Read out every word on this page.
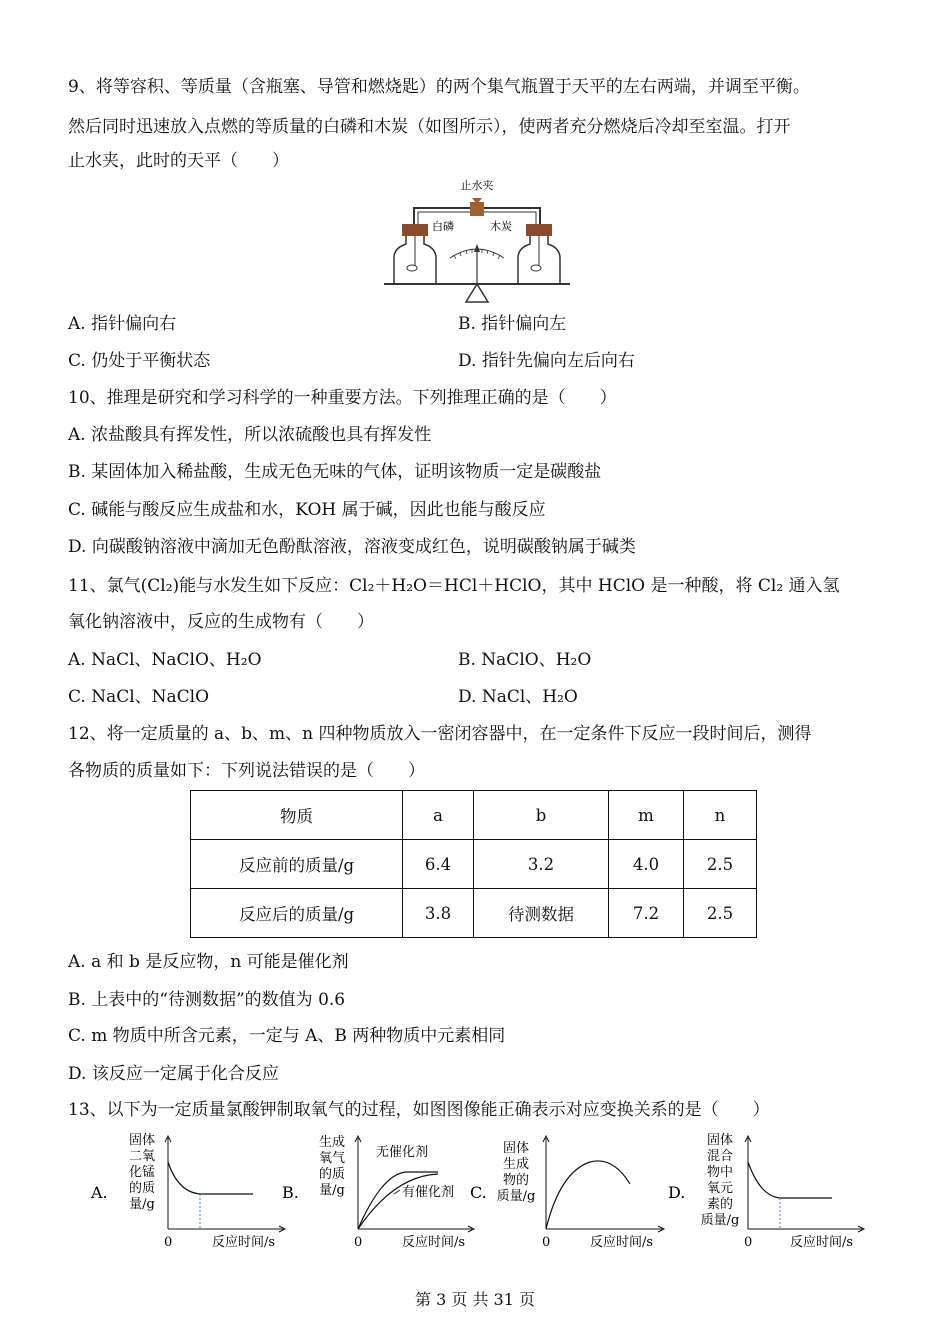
9、将等容积、等质量（含瓶塞、导管和燃烧匙）的两个集气瓶置于天平的左右两端，并调至平衡。
然后同时迅速放入点燃的等质量的白磷和木炭（如图所示），使两者充分燃烧后冷却至室温。打开
止水夹，此时的天平（　　）
止水夹
白磷	木炭
A. 指针偏向右	B. 指针偏向左
C. 仍处于平衡状态	D. 指针先偏向左后向右
10、推理是研究和学习科学的一种重要方法。下列推理正确的是（　　）
A. 浓盐酸具有挥发性，所以浓硫酸也具有挥发性
B. 某固体加入稀盐酸，生成无色无味的气体，证明该物质一定是碳酸盐
C. 碱能与酸反应生成盐和水，KOH 属于碱，因此也能与酸反应
D. 向碳酸钠溶液中滴加无色酚酞溶液，溶液变成红色，说明碳酸钠属于碱类
11、氯气(Cl₂)能与水发生如下反应：Cl₂＋H₂O＝HCl＋HClO，其中 HClO 是一种酸，将 Cl₂ 通入氢
氧化钠溶液中，反应的生成物有（　　）
A. NaCl、NaClO、H₂O	B. NaClO、H₂O
C. NaCl、NaClO	D. NaCl、H₂O
12、将一定质量的 a、b、m、n 四种物质放入一密闭容器中，在一定条件下反应一段时间后，测得
各物质的质量如下：下列说法错误的是（　　）
物质	a	b	m	n
反应前的质量/g	6.4	3.2	4.0	2.5
反应后的质量/g	3.8	待测数据	7.2	2.5
A. a 和 b 是反应物，n 可能是催化剂
B. 上表中的“待测数据”的数值为 0.6
C. m 物质中所含元素，一定与 A、B 两种物质中元素相同
D. 该反应一定属于化合反应
13、以下为一定质量氯酸钾制取氧气的过程，如图图像能正确表示对应变换关系的是（　　）
A.
固体
二氧
化锰
的质
量/g
0	反应时间/s
B.
生成
氧气
的质
量/g
无催化剂
有催化剂
0	反应时间/s
C.
固体
生成
物的
质量/g
0	反应时间/s
D.
固体
混合
物中
氧元
素的
质量/g
0	反应时间/s
第 3 页 共 31 页
